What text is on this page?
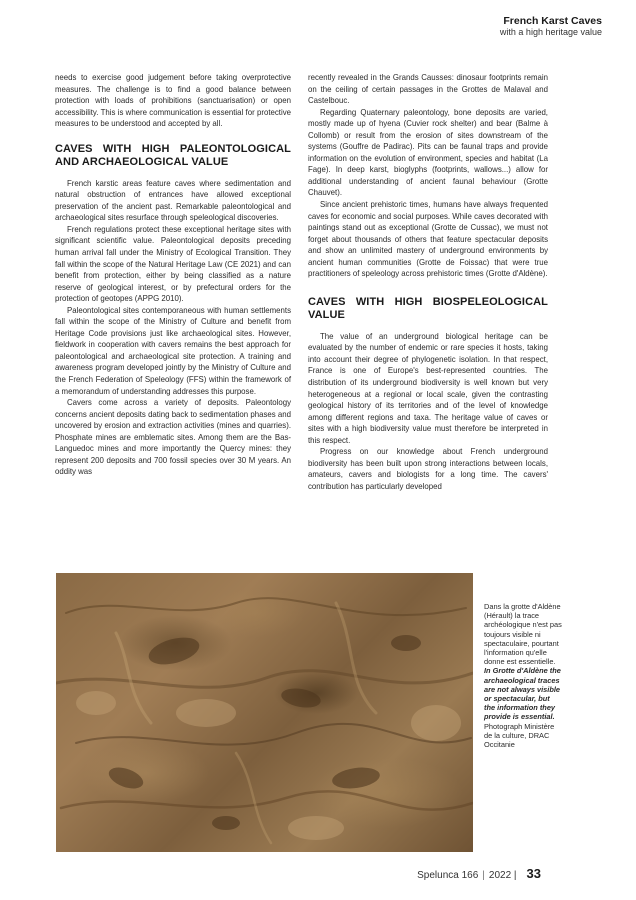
French Karst Caves
with a high heritage value

needs to exercise good judgement before taking overprotective measures. The challenge is to find a good balance between protection with loads of prohibitions (sanctuarisation) or open accessibility. This is where communication is essential for protective measures to be understood and accepted by all.

CAVES WITH HIGH PALEONTOLOGICAL AND ARCHAEOLOGICAL VALUE

French karstic areas feature caves where sedimentation and natural obstruction of entrances have allowed exceptional preservation of the ancient past. Remarkable paleontological and archaeological sites resurface through speleological discoveries.

French regulations protect these exceptional heritage sites with significant scientific value. Paleontological deposits preceding human arrival fall under the Ministry of Ecological Transition. They fall within the scope of the Natural Heritage Law (CE 2021) and can benefit from protection, either by being classified as a nature reserve of geological interest, or by prefectural orders for the protection of geotopes (APPG 2010).

Paleontological sites contemporaneous with human settlements fall within the scope of the Ministry of Culture and benefit from Heritage Code provisions just like archaeological sites. However, fieldwork in cooperation with cavers remains the best approach for paleontological and archaeological site protection. A training and awareness program developed jointly by the Ministry of Culture and the French Federation of Speleology (FFS) within the framework of a memorandum of understanding addresses this purpose.

Cavers come across a variety of deposits. Paleontology concerns ancient deposits dating back to sedimentation phases and uncovered by erosion and extraction activities (mines and quarries). Phosphate mines are emblematic sites. Among them are the Bas-Languedoc mines and more importantly the Quercy mines: they represent 200 deposits and 700 fossil species over 30 M years. An oddity was

recently revealed in the Grands Causses: dinosaur footprints remain on the ceiling of certain passages in the Grottes de Malaval and Castelbouc.

Regarding Quaternary paleontology, bone deposits are varied, mostly made up of hyena (Cuvier rock shelter) and bear (Balme à Collomb) or result from the erosion of sites downstream of the systems (Gouffre de Padirac). Pits can be faunal traps and provide information on the evolution of environment, species and habitat (La Fage). In deep karst, bioglyphs (footprints, wallows...) allow for additional understanding of ancient faunal behaviour (Grotte Chauvet).

Since ancient prehistoric times, humans have always frequented caves for economic and social purposes. While caves decorated with paintings stand out as exceptional (Grotte de Cussac), we must not forget about thousands of others that feature spectacular deposits and show an unlimited mastery of underground environments by ancient human communities (Grotte de Foissac) that were true practitioners of speleology across prehistoric times (Grotte d'Aldène).

CAVES WITH HIGH BIOSPELEOLOGICAL VALUE

The value of an underground biological heritage can be evaluated by the number of endemic or rare species it hosts, taking into account their degree of phylogenetic isolation. In that respect, France is one of Europe's best-represented countries. The distribution of its underground biodiversity is well known but very heterogeneous at a regional or local scale, given the contrasting geological history of its territories and of the level of knowledge among different regions and taxa. The heritage value of caves or sites with a high biodiversity value must therefore be interpreted in this respect.

Progress on our knowledge about French underground biodiversity has been built upon strong interactions between locals, amateurs, cavers and biologists for a long time. The cavers' contribution has particularly developed

Dans la grotte d'Aldène (Hérault) la trace archéologique n'est pas toujours visible ni spectaculaire, pourtant l'information qu'elle donne est essentielle.
In Grotte d'Aldène the archaeological traces are not always visible or spectacular, but the information they provide is essential.
Photograph Ministère de la culture, DRAC Occitanie
Spelunca 166 | 2022 | 33
